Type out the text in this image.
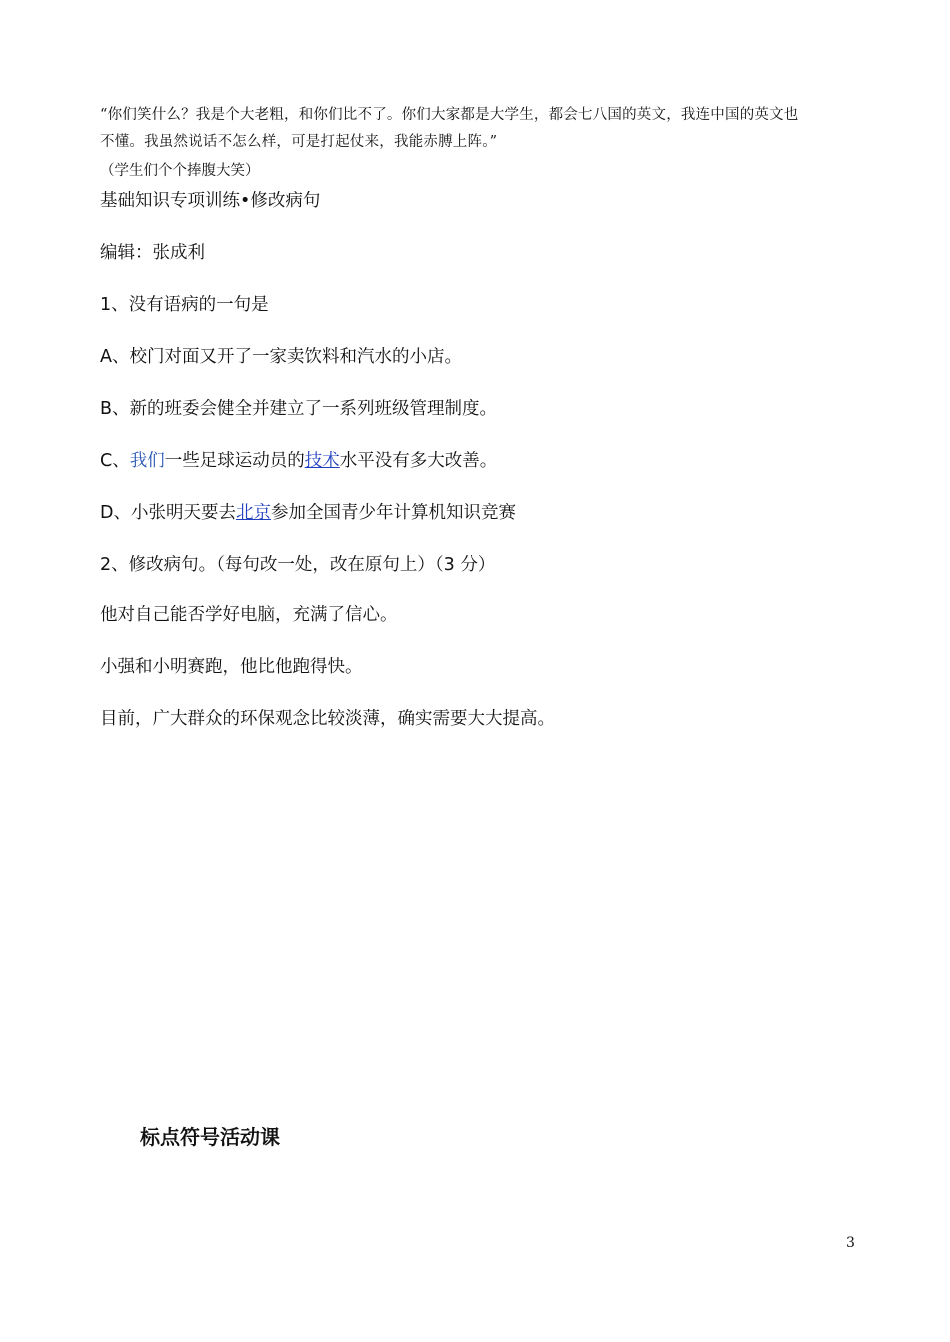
“你们笑什么？我是个大老粗，和你们比不了。你们大家都是大学生，都会七八国的英文，我连中国的英文也
不懂。我虽然说话不怎么样，可是打起仗来，我能赤膊上阵。”
（学生们个个捧腹大笑）
基础知识专项训练•修改病句
编辑：张成利
1、没有语病的一句是
A、校门对面又开了一家卖饮料和汽水的小店。
B、新的班委会健全并建立了一系列班级管理制度。
C、我们一些足球运动员的技术水平没有多大改善。
D、小张明天要去北京参加全国青少年计算机知识竞赛
2、修改病句。（每句改一处，改在原句上）（3 分）
他对自己能否学好电脑，充满了信心。
小强和小明赛跑，他比他跑得快。
目前，广大群众的环保观念比较淡薄，确实需要大大提高。
标点符号活动课
3
